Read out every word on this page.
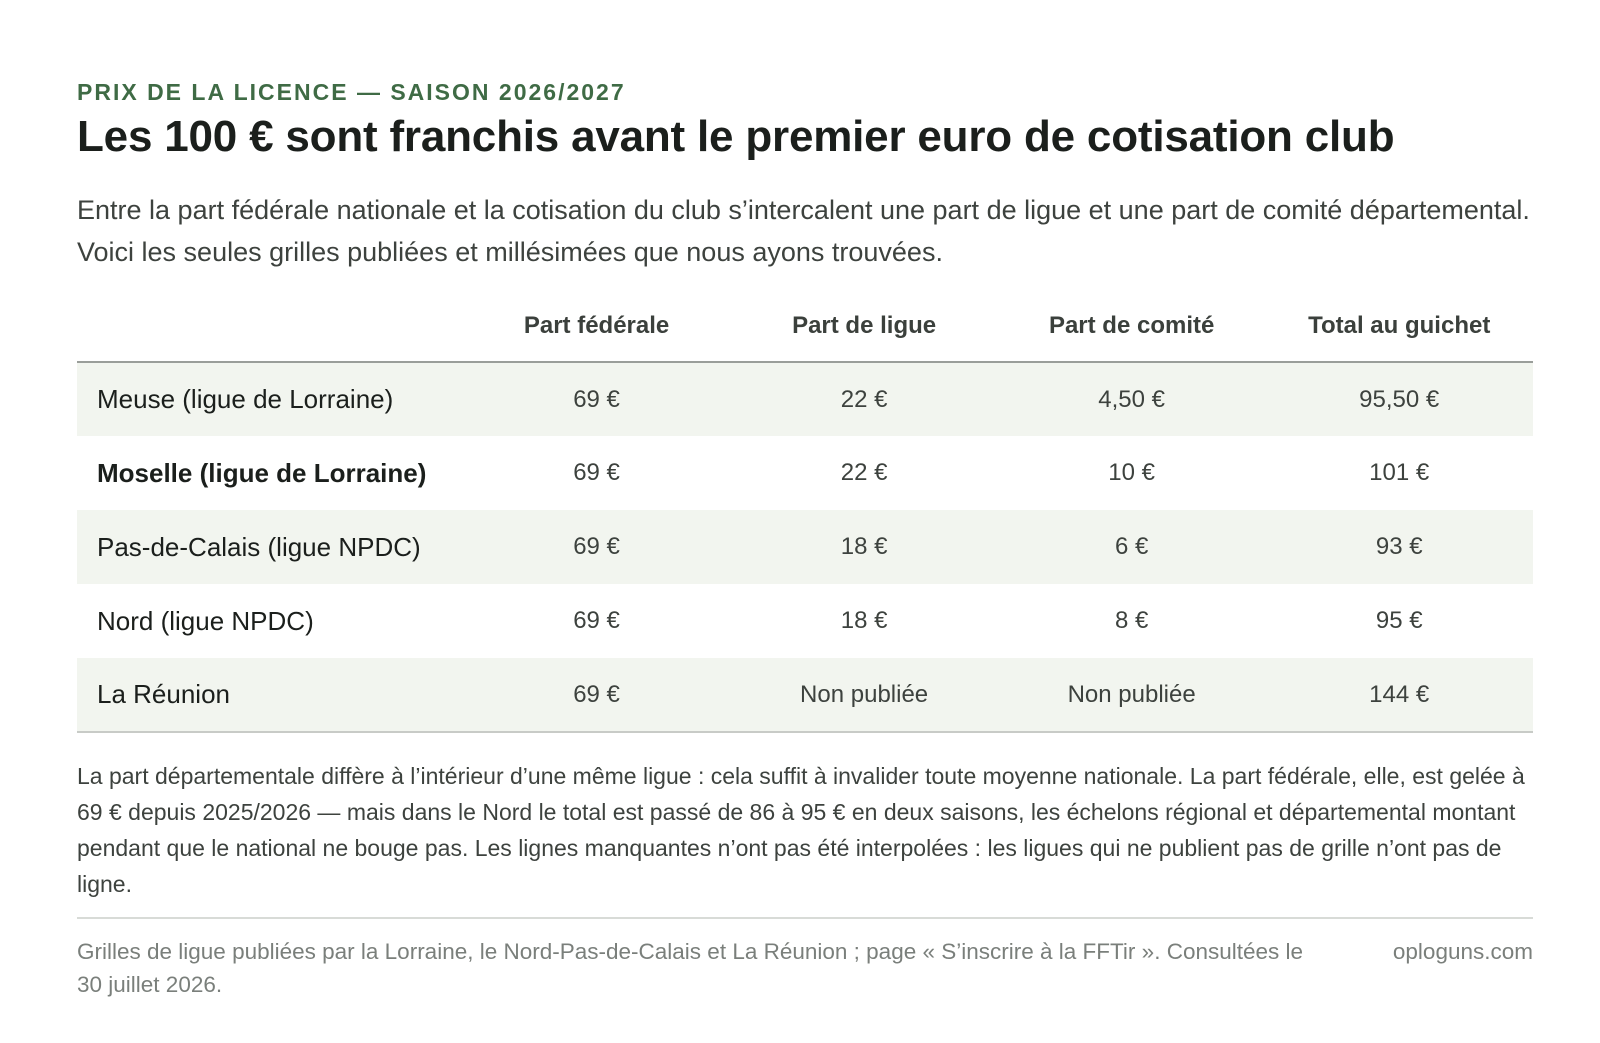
PRIX DE LA LICENCE — SAISON 2026/2027
Les 100 € sont franchis avant le premier euro de cotisation club

Entre la part fédérale nationale et la cotisation du club s’intercalent une part de ligue et une part de comité départemental. Voici les seules grilles publiées et millésimées que nous ayons trouvées.

	Part fédérale	Part de ligue	Part de comité	Total au guichet
Meuse (ligue de Lorraine)	69 €	22 €	4,50 €	95,50 €
Moselle (ligue de Lorraine)	69 €	22 €	10 €	101 €
Pas-de-Calais (ligue NPDC)	69 €	18 €	6 €	93 €
Nord (ligue NPDC)	69 €	18 €	8 €	95 €
La Réunion	69 €	Non publiée	Non publiée	144 €

La part départementale diffère à l’intérieur d’une même ligue : cela suffit à invalider toute moyenne nationale. La part fédérale, elle, est gelée à 69 € depuis 2025/2026 — mais dans le Nord le total est passé de 86 à 95 € en deux saisons, les échelons régional et départemental montant pendant que le national ne bouge pas. Les lignes manquantes n’ont pas été interpolées : les ligues qui ne publient pas de grille n’ont pas de ligne.

Grilles de ligue publiées par la Lorraine, le Nord-Pas-de-Calais et La Réunion ; page « S’inscrire à la FFTir ». Consultées le 30 juillet 2026.

oploguns.com
